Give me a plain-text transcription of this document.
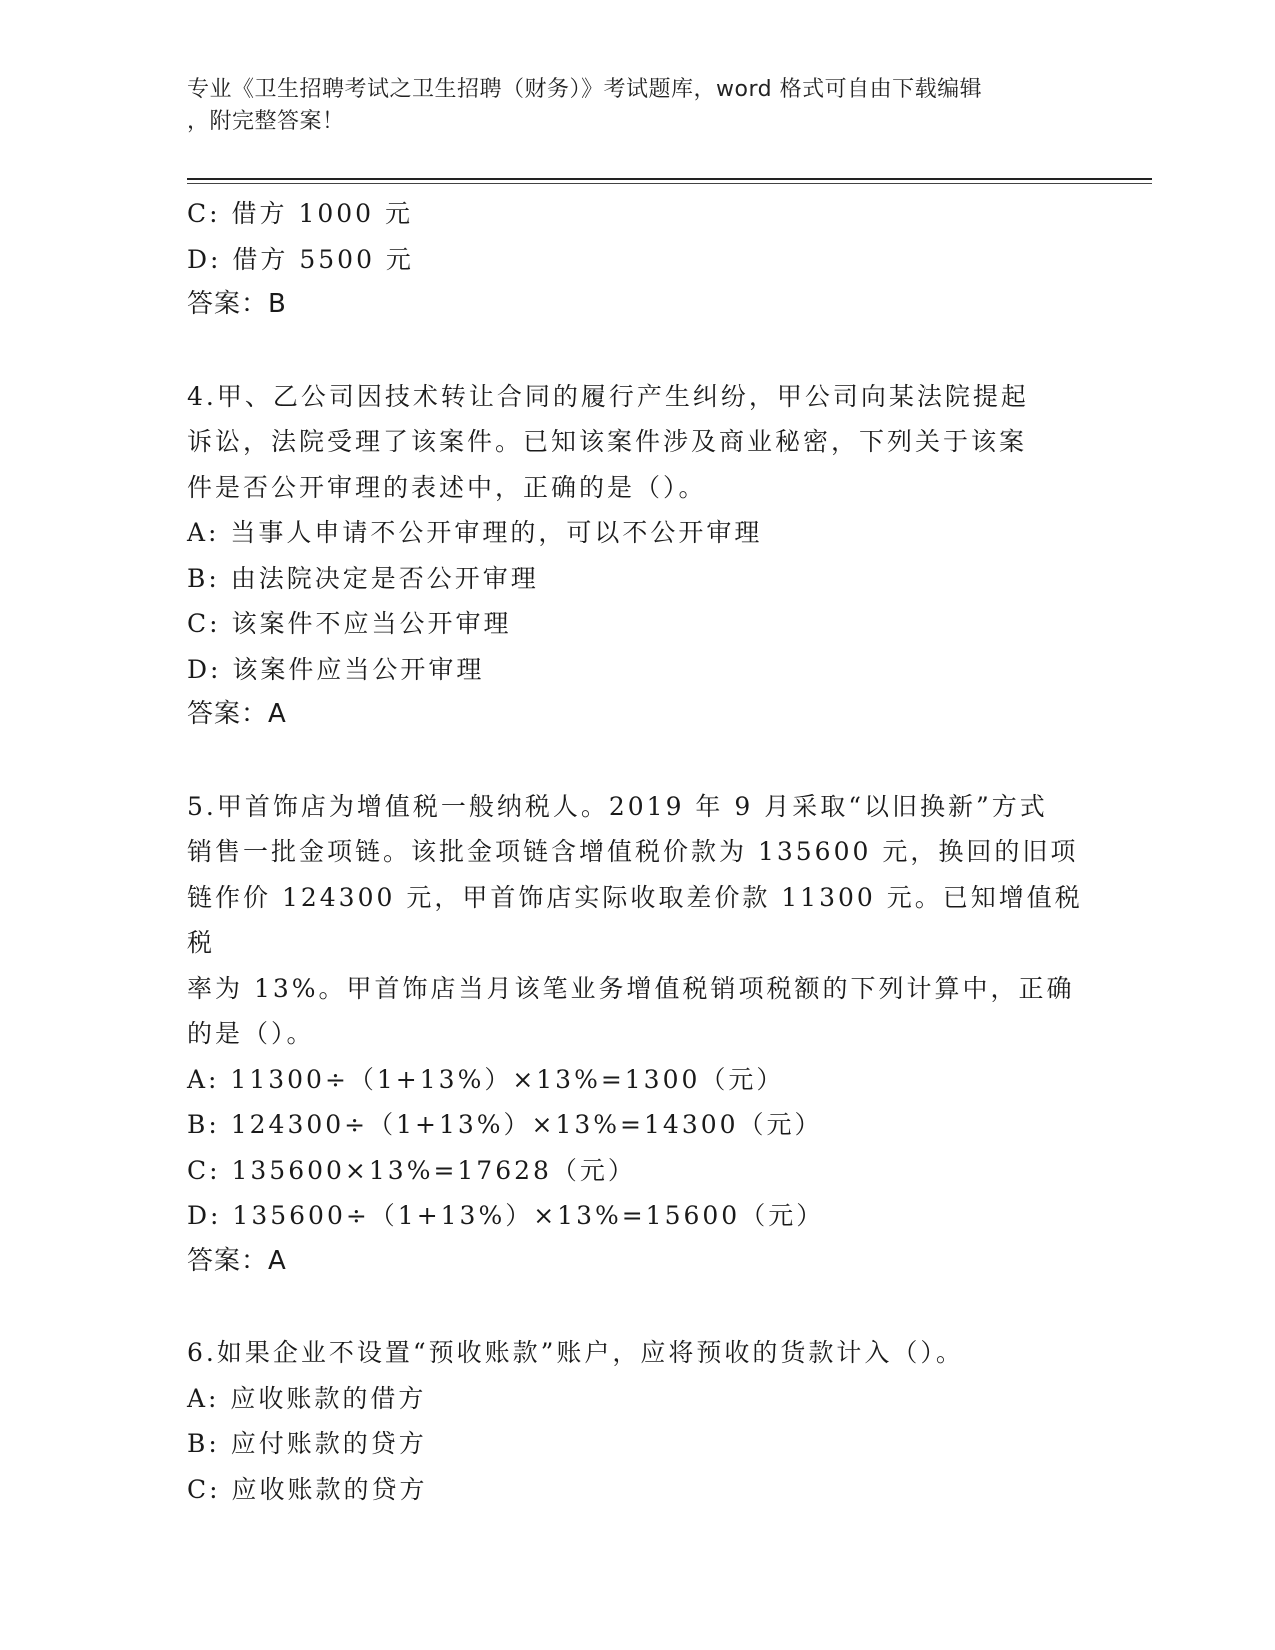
专业《卫生招聘考试之卫生招聘（财务）》考试题库，word 格式可自由下载编辑
，附完整答案！
C: 借方 1000 元
D: 借方 5500 元
答案：B
4.甲、乙公司因技术转让合同的履行产生纠纷，甲公司向某法院提起
诉讼，法院受理了该案件。已知该案件涉及商业秘密，下列关于该案
件是否公开审理的表述中，正确的是（）。
A: 当事人申请不公开审理的，可以不公开审理
B: 由法院决定是否公开审理
C: 该案件不应当公开审理
D: 该案件应当公开审理
答案：A
5.甲首饰店为增值税一般纳税人。2019 年 9 月采取“以旧换新”方式
销售一批金项链。该批金项链含增值税价款为 135600 元，换回的旧项
链作价 124300 元，甲首饰店实际收取差价款 11300 元。已知增值税税
率为 13%。甲首饰店当月该笔业务增值税销项税额的下列计算中，正确
的是（）。
A: 11300÷（1+13%）×13%=1300（元）
B: 124300÷（1+13%）×13%=14300（元）
C: 135600×13%=17628（元）
D: 135600÷（1+13%）×13%=15600（元）
答案：A
6.如果企业不设置“预收账款”账户，应将预收的货款计入（）。
A: 应收账款的借方
B: 应付账款的贷方
C: 应收账款的贷方
